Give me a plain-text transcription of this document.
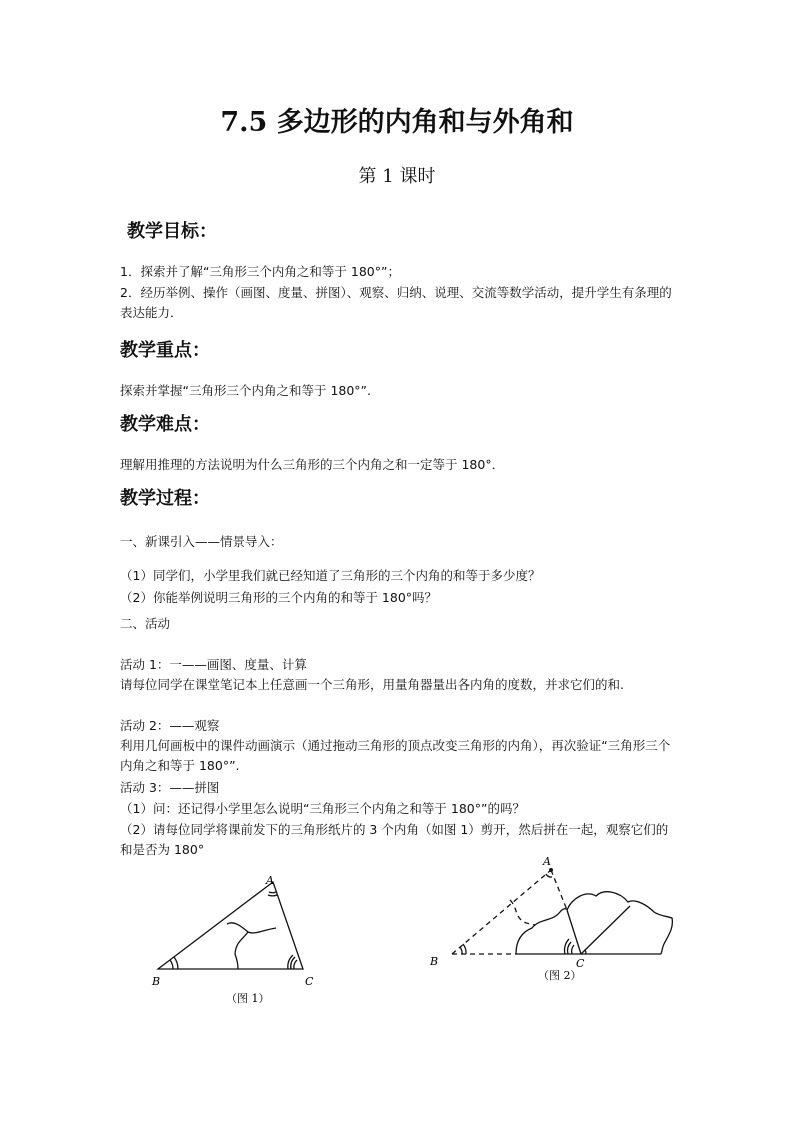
7.5 多边形的内角和与外角和
第 1 课时
教学目标：
1．探索并了解“三角形三个内角之和等于 180°”；
2．经历举例、操作（画图、度量、拼图）、观察、归纳、说理、交流等数学活动，提升学生有条理的表达能力．
教学重点：
探索并掌握“三角形三个内角之和等于 180°”.
教学难点：
理解用推理的方法说明为什么三角形的三个内角之和一定等于 180°．
教学过程：
一、新课引入——情景导入：
（1）同学们，小学里我们就已经知道了三角形的三个内角的和等于多少度？
（2）你能举例说明三角形的三个内角的和等于 180°吗？
二、活动
活动 1：一——画图、度量、计算
请每位同学在课堂笔记本上任意画一个三角形，用量角器量出各内角的度数，并求它们的和.
活动 2：——观察
利用几何画板中的课件动画演示（通过拖动三角形的顶点改变三角形的内角），再次验证“三角形三个内角之和等于 180°”.
活动 3：——拼图
（1）问：还记得小学里怎么说明“三角形三个内角之和等于 180°”的吗？
（2）请每位同学将课前发下的三角形纸片的 3 个内角（如图 1）剪开，然后拼在一起，观察它们的和是否为 180°
A
B	C
（图 1）
A
B	C
（图 2）
